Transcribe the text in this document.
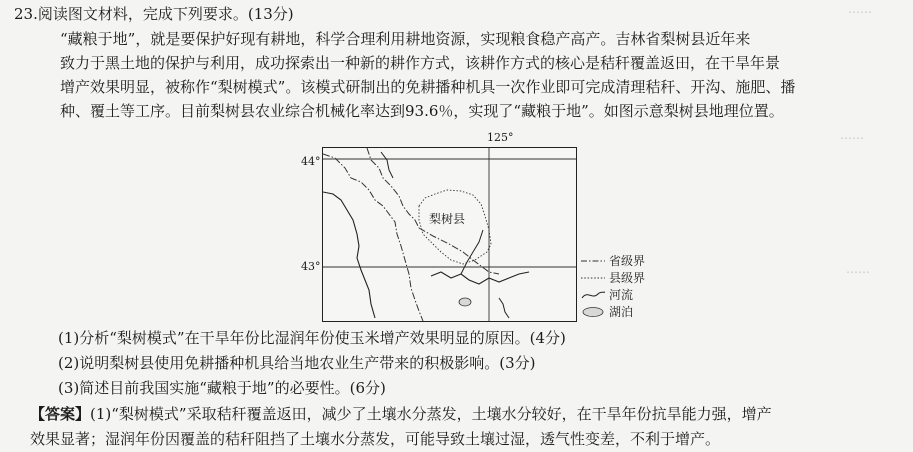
……
……
……
23.阅读图文材料，完成下列要求。(13分)
“藏粮于地”，就是要保护好现有耕地，科学合理利用耕地资源，实现粮食稳产高产。吉林省梨树县近年来
致力于黑土地的保护与利用，成功探索出一种新的耕作方式，该耕作方式的核心是秸秆覆盖返田，在干旱年景
增产效果明显，被称作“梨树模式”。该模式研制出的免耕播种机具一次作业即可完成清理秸秆、开沟、施肥、播
种、覆土等工序。目前梨树县农业综合机械化率达到93.6％，实现了“藏粮于地”。如图示意梨树县地理位置。
125°
44°
43°
梨树县
省级界
县级界
河流
湖泊
(1)分析“梨树模式”在干旱年份比湿润年份使玉米增产效果明显的原因。(4分)
(2)说明梨树县使用免耕播种机具给当地农业生产带来的积极影响。(3分)
(3)简述目前我国实施“藏粮于地”的必要性。(6分)
【答案】(1)“梨树模式”采取秸秆覆盖返田，减少了土壤水分蒸发，土壤水分较好，在干旱年份抗旱能力强，增产
效果显著；湿润年份因覆盖的秸秆阻挡了土壤水分蒸发，可能导致土壤过湿，透气性变差，不利于增产。
